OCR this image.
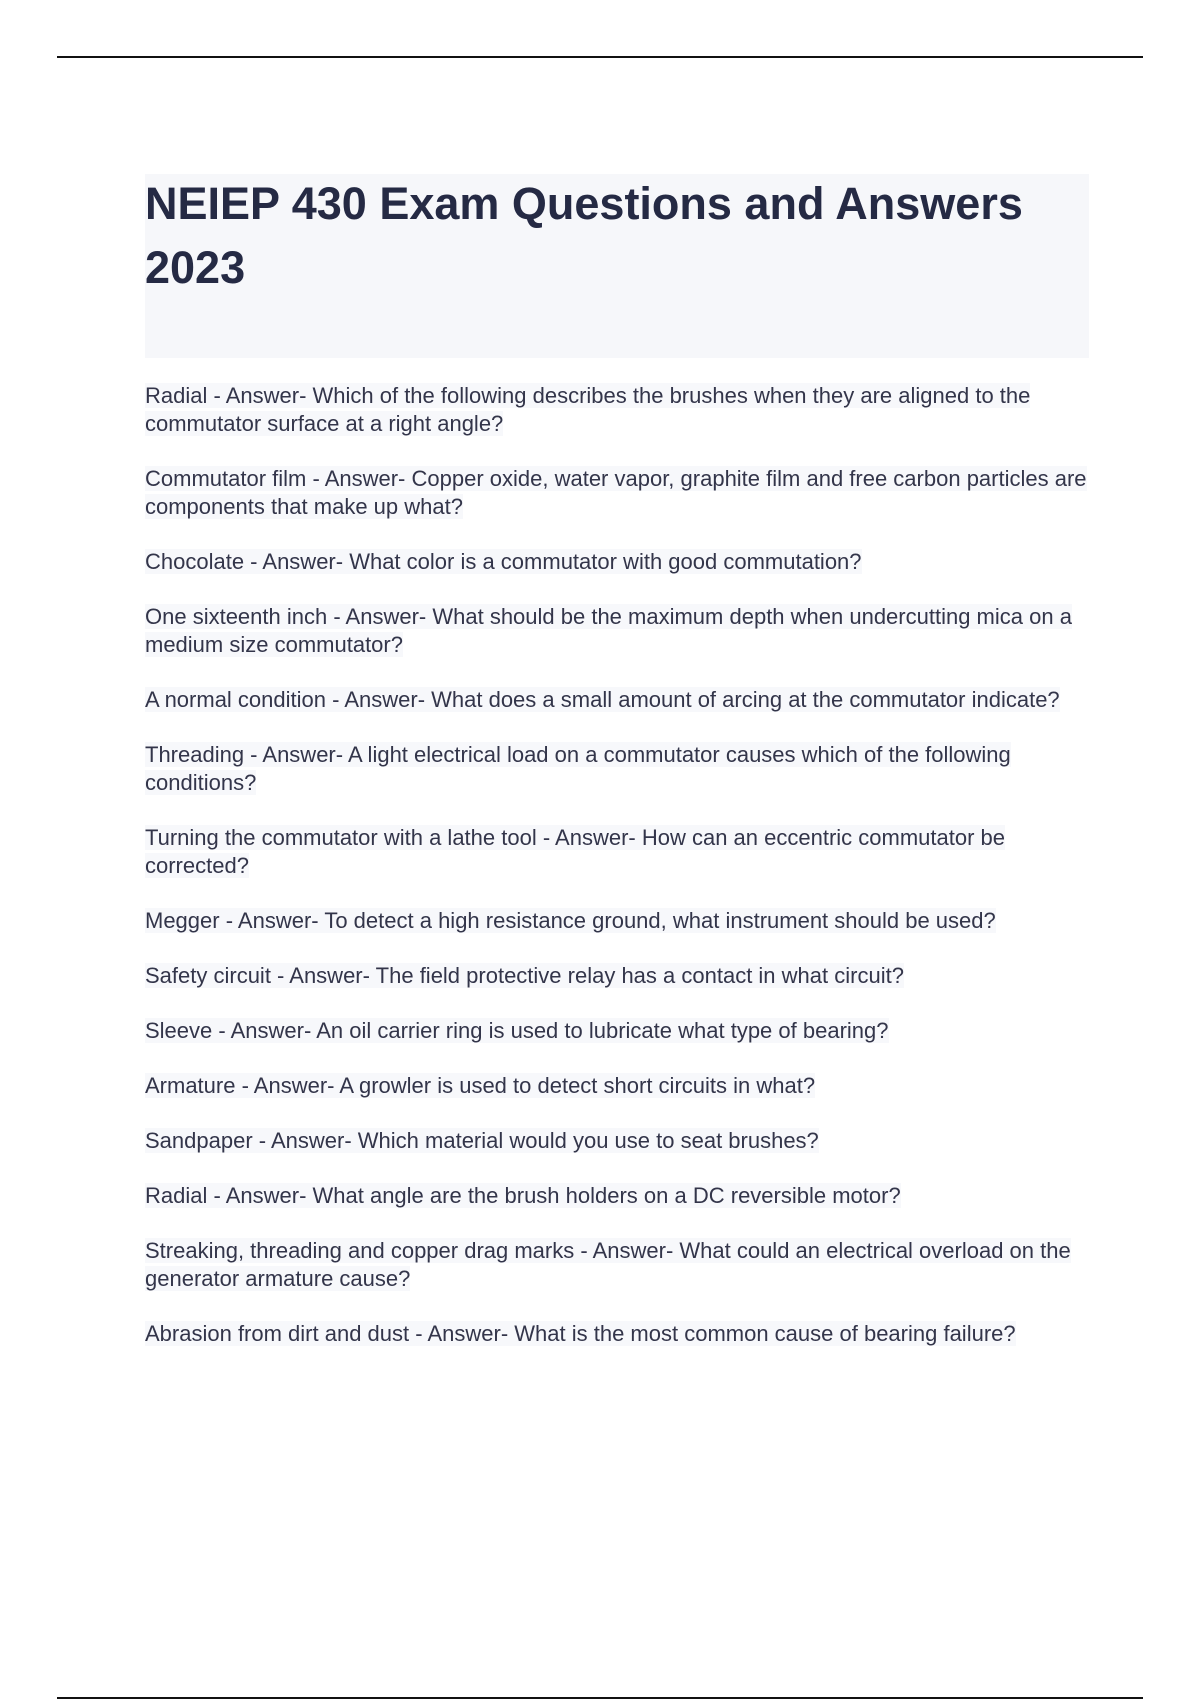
NEIEP 430 Exam Questions and Answers 2023
Radial - Answer- Which of the following describes the brushes when they are aligned to the commutator surface at a right angle?
Commutator film - Answer- Copper oxide, water vapor, graphite film and free carbon particles are components that make up what?
Chocolate - Answer- What color is a commutator with good commutation?
One sixteenth inch - Answer- What should be the maximum depth when undercutting mica on a medium size commutator?
A normal condition - Answer- What does a small amount of arcing at the commutator indicate?
Threading - Answer- A light electrical load on a commutator causes which of the following conditions?
Turning the commutator with a lathe tool - Answer- How can an eccentric commutator be corrected?
Megger - Answer- To detect a high resistance ground, what instrument should be used?
Safety circuit - Answer- The field protective relay has a contact in what circuit?
Sleeve - Answer- An oil carrier ring is used to lubricate what type of bearing?
Armature - Answer- A growler is used to detect short circuits in what?
Sandpaper - Answer- Which material would you use to seat brushes?
Radial - Answer- What angle are the brush holders on a DC reversible motor?
Streaking, threading and copper drag marks - Answer- What could an electrical overload on the generator armature cause?
Abrasion from dirt and dust - Answer- What is the most common cause of bearing failure?
